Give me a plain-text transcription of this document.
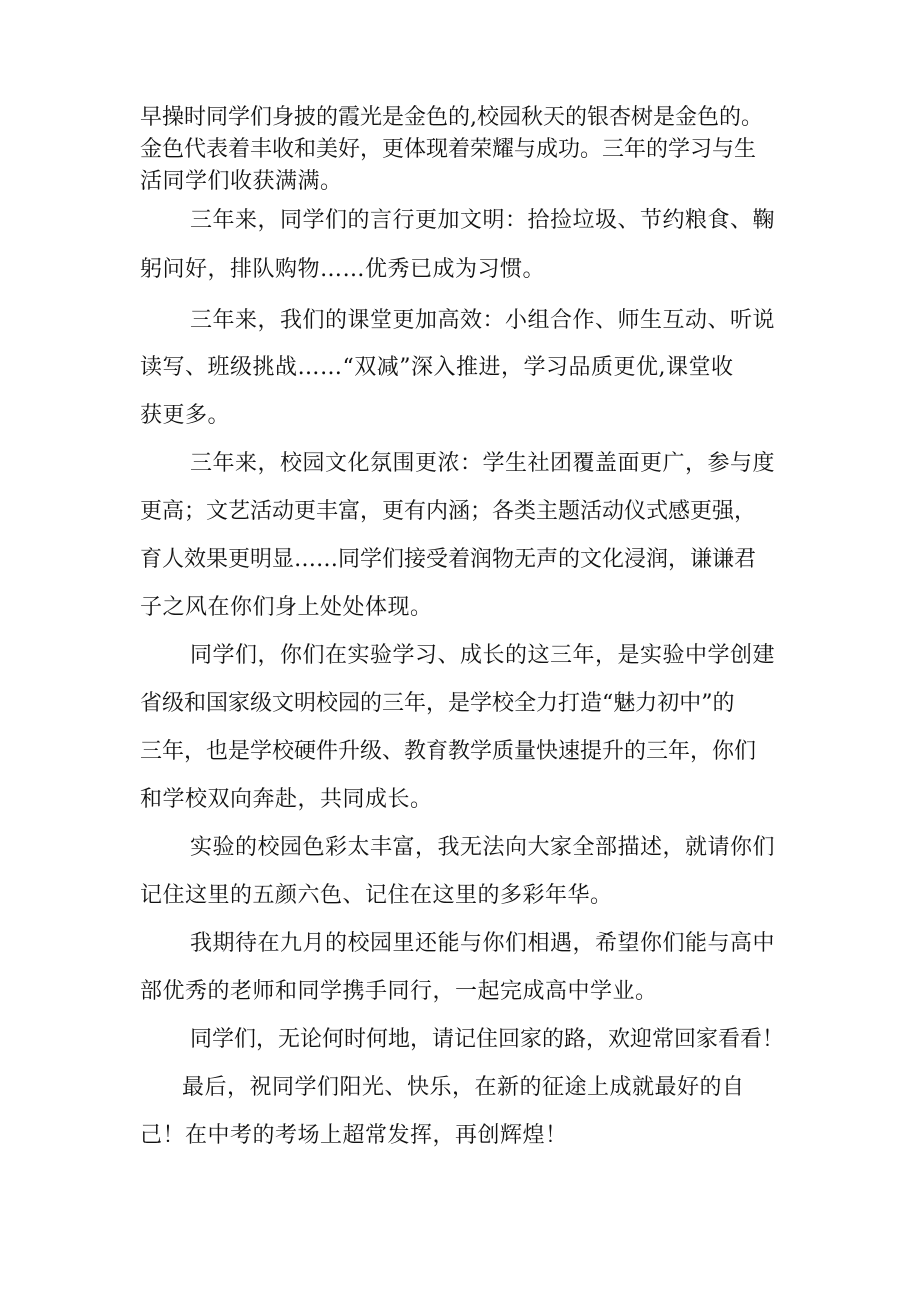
早操时同学们身披的霞光是金色的,校园秋天的银杏树是金色的。
金色代表着丰收和美好，更体现着荣耀与成功。三年的学习与生
活同学们收获满满。
三年来，同学们的言行更加文明：拾捡垃圾、节约粮食、鞠
躬问好，排队购物……优秀已成为习惯。
三年来，我们的课堂更加高效：小组合作、师生互动、听说
读写、班级挑战……“双减”深入推进，学习品质更优,课堂收
获更多。
三年来，校园文化氛围更浓：学生社团覆盖面更广，参与度
更高；文艺活动更丰富，更有内涵；各类主题活动仪式感更强，
育人效果更明显……同学们接受着润物无声的文化浸润，谦谦君
子之风在你们身上处处体现。
同学们，你们在实验学习、成长的这三年，是实验中学创建
省级和国家级文明校园的三年，是学校全力打造“魅力初中”的
三年，也是学校硬件升级、教育教学质量快速提升的三年，你们
和学校双向奔赴，共同成长。
实验的校园色彩太丰富，我无法向大家全部描述，就请你们
记住这里的五颜六色、记住在这里的多彩年华。
我期待在九月的校园里还能与你们相遇，希望你们能与高中
部优秀的老师和同学携手同行，一起完成高中学业。
同学们，无论何时何地，请记住回家的路，欢迎常回家看看！
最后，祝同学们阳光、快乐，在新的征途上成就最好的自
己！在中考的考场上超常发挥，再创辉煌！
